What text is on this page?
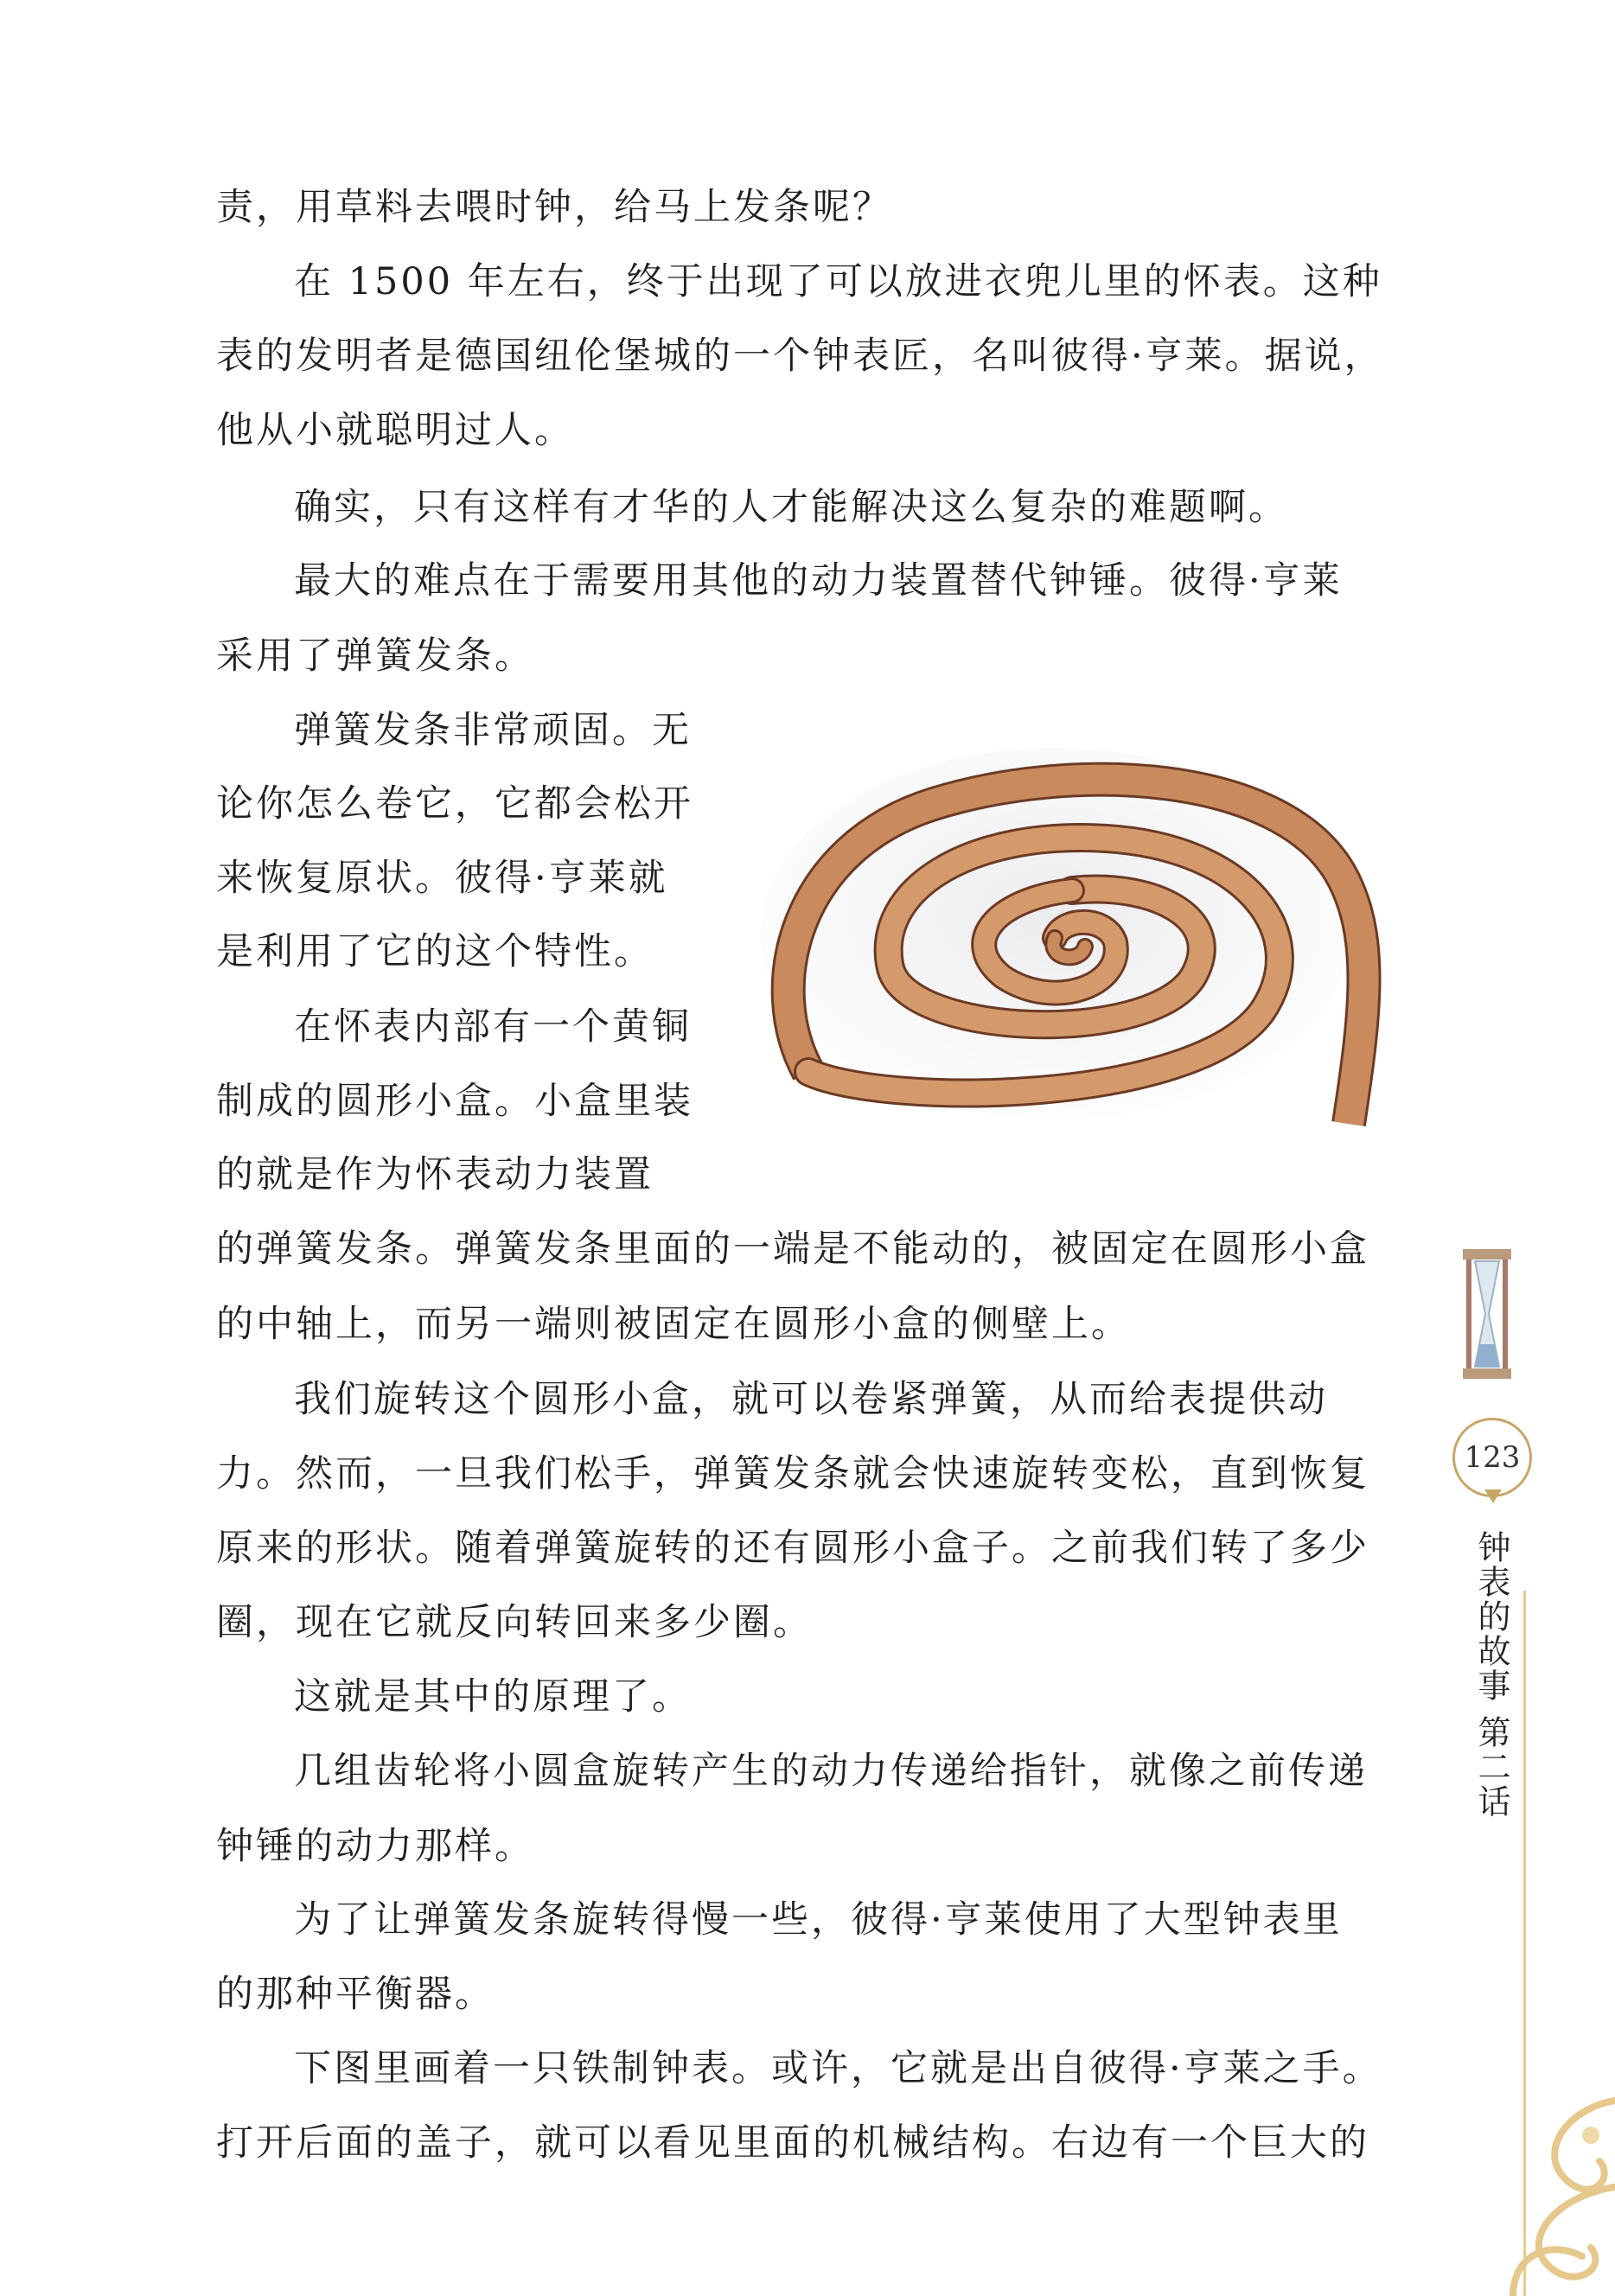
责，用草料去喂时钟，给马上发条呢？
在 1500 年左右，终于出现了可以放进衣兜儿里的怀表。这种
表的发明者是德国纽伦堡城的一个钟表匠，名叫彼得·亨莱。据说，
他从小就聪明过人。
确实，只有这样有才华的人才能解决这么复杂的难题啊。
最大的难点在于需要用其他的动力装置替代钟锤。彼得·亨莱
采用了弹簧发条。
弹簧发条非常顽固。无
论你怎么卷它，它都会松开
来恢复原状。彼得·亨莱就
是利用了它的这个特性。
在怀表内部有一个黄铜
制成的圆形小盒。小盒里装
的就是作为怀表动力装置
的弹簧发条。弹簧发条里面的一端是不能动的，被固定在圆形小盒
的中轴上，而另一端则被固定在圆形小盒的侧壁上。
我们旋转这个圆形小盒，就可以卷紧弹簧，从而给表提供动
力。然而，一旦我们松手，弹簧发条就会快速旋转变松，直到恢复
原来的形状。随着弹簧旋转的还有圆形小盒子。之前我们转了多少
圈，现在它就反向转回来多少圈。
这就是其中的原理了。
几组齿轮将小圆盒旋转产生的动力传递给指针，就像之前传递
钟锤的动力那样。
为了让弹簧发条旋转得慢一些，彼得·亨莱使用了大型钟表里
的那种平衡器。
下图里画着一只铁制钟表。或许，它就是出自彼得·亨莱之手。
打开后面的盖子，就可以看见里面的机械结构。右边有一个巨大的
123
钟表的故事 第二话
